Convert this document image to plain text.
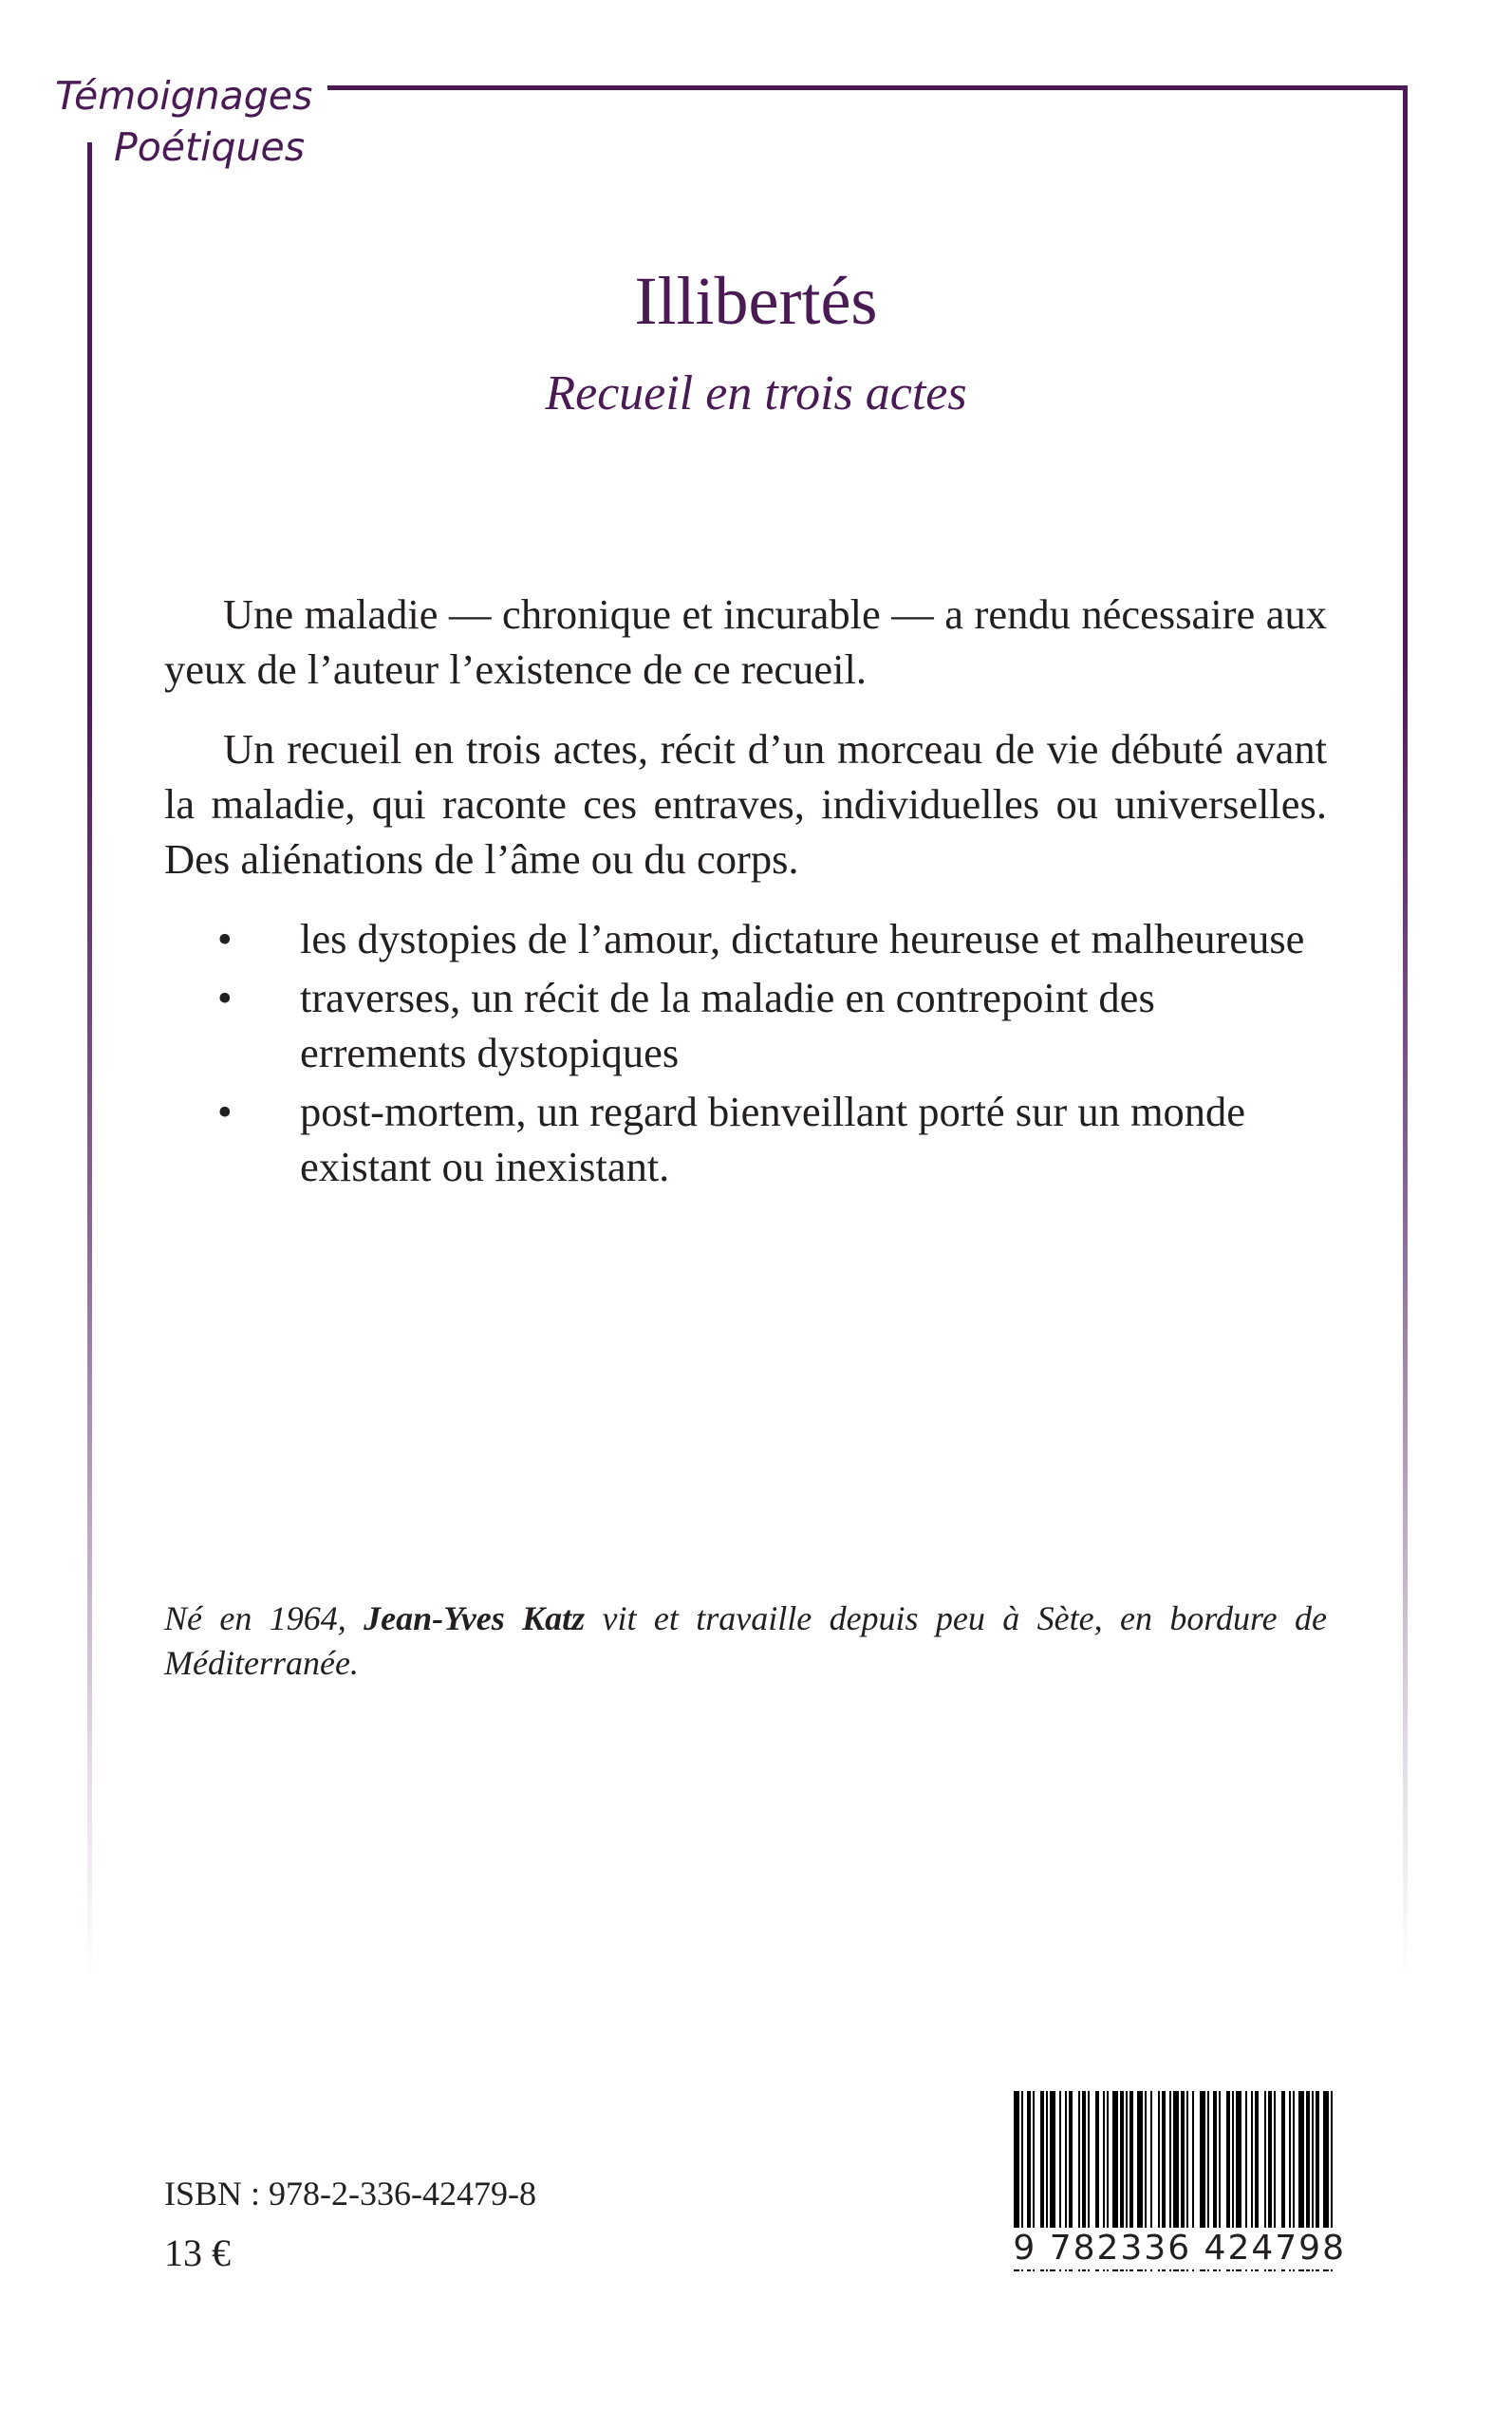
Témoignages
Poétiques
Illibertés
Recueil en trois actes

Une maladie — chronique et incurable — a rendu nécessaire aux yeux de l’auteur l’existence de ce recueil.

Un recueil en trois actes, récit d’un morceau de vie débuté avant la maladie, qui raconte ces entraves, individuelles ou universelles. Des aliénations de l’âme ou du corps.

• les dystopies de l’amour, dictature heureuse et malheureuse
• traverses, un récit de la maladie en contrepoint des errements dystopiques
• post-mortem, un regard bienveillant porté sur un monde existant ou inexistant.
Né en 1964, Jean-Yves Katz vit et travaille depuis peu à Sète, en bordure de Méditerranée.
ISBN : 978-2-336-42479-8
13 €	9 782336 424798
